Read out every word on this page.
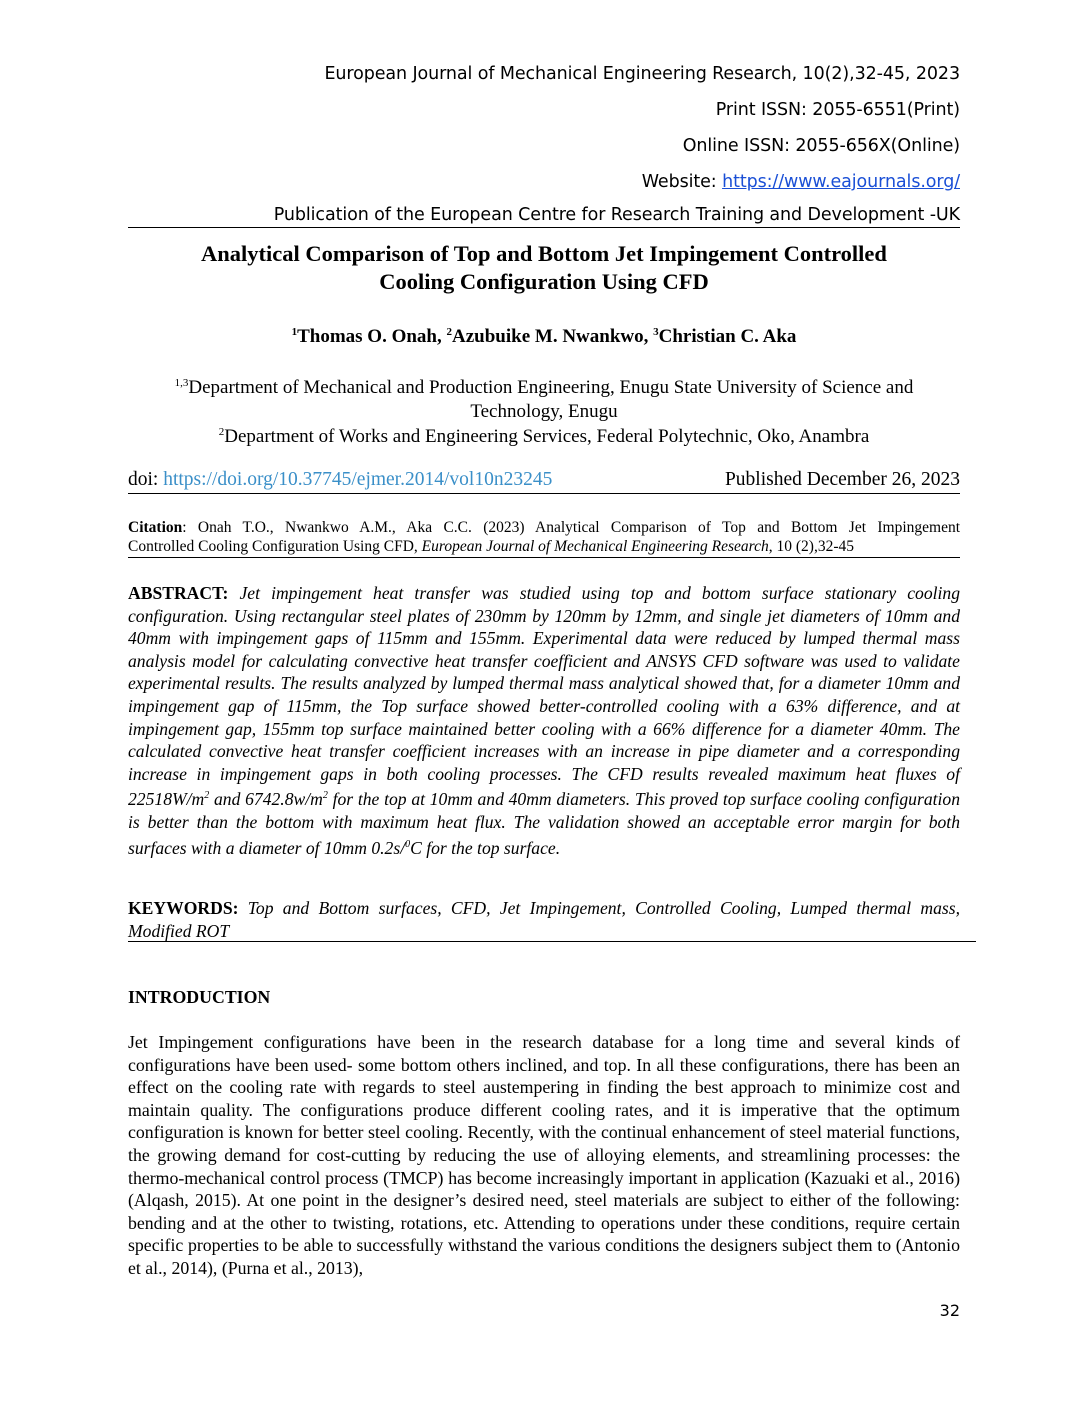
European Journal of Mechanical Engineering Research, 10(2),32-45, 2023
Print ISSN: 2055-6551(Print)
Online ISSN: 2055-656X(Online)
Website: https://www.eajournals.org/
Publication of the European Centre for Research Training and Development -UK
Analytical Comparison of Top and Bottom Jet Impingement Controlled
Cooling Configuration Using CFD
$^1$Thomas O. Onah, $^2$Azubuike M. Nwankwo, $^3$Christian C. Aka
$^{1,3}$Department of Mechanical and Production Engineering, Enugu State University of Science and
Technology, Enugu
$^2$Department of Works and Engineering Services, Federal Polytechnic, Oko, Anambra
doi: https://doi.org/10.37745/ejmer.2014/vol10n23245	Published December 26, 2023
Citation: Onah T.O., Nwankwo A.M., Aka C.C. (2023) Analytical Comparison of Top and Bottom Jet Impingement
Controlled Cooling Configuration Using CFD, European Journal of Mechanical Engineering Research, 10 (2),32-45
ABSTRACT: Jet impingement heat transfer was studied using top and bottom surface stationary cooling configuration. Using rectangular steel plates of 230mm by 120mm by 12mm, and single jet diameters of 10mm and 40mm with impingement gaps of 115mm and 155mm. Experimental data were reduced by lumped thermal mass analysis model for calculating convective heat transfer coefficient and ANSYS CFD software was used to validate experimental results. The results analyzed by lumped thermal mass analytical showed that, for a diameter 10mm and impingement gap of 115mm, the Top surface showed better-controlled cooling with a 63% difference, and at impingement gap, 155mm top surface maintained better cooling with a 66% difference for a diameter 40mm. The calculated convective heat transfer coefficient increases with an increase in pipe diameter and a corresponding increase in impingement gaps in both cooling processes. The CFD results revealed maximum heat fluxes of $22518W/m^2$ and $6742.8w/m^2$ for the top at 10mm and 40mm diameters. This proved top surface cooling configuration is better than the bottom with maximum heat flux. The validation showed an acceptable error margin for both surfaces with a diameter of 10mm 0.2s/$^0$C for the top surface.
KEYWORDS: Top and Bottom surfaces, CFD, Jet Impingement, Controlled Cooling, Lumped thermal mass, Modified ROT
INTRODUCTION
Jet Impingement configurations have been in the research database for a long time and several kinds of configurations have been used- some bottom others inclined, and top. In all these configurations, there has been an effect on the cooling rate with regards to steel austempering in finding the best approach to minimize cost and maintain quality. The configurations produce different cooling rates, and it is imperative that the optimum configuration is known for better steel cooling. Recently, with the continual enhancement of steel material functions, the growing demand for cost-cutting by reducing the use of alloying elements, and streamlining processes: the thermo-mechanical control process (TMCP) has become increasingly important in application (Kazuaki et al., 2016) (Alqash, 2015). At one point in the designer’s desired need, steel materials are subject to either of the following: bending and at the other to twisting, rotations, etc. Attending to operations under these conditions, require certain specific properties to be able to successfully withstand the various conditions the designers subject them to (Antonio et al., 2014), (Purna et al., 2013),
32
